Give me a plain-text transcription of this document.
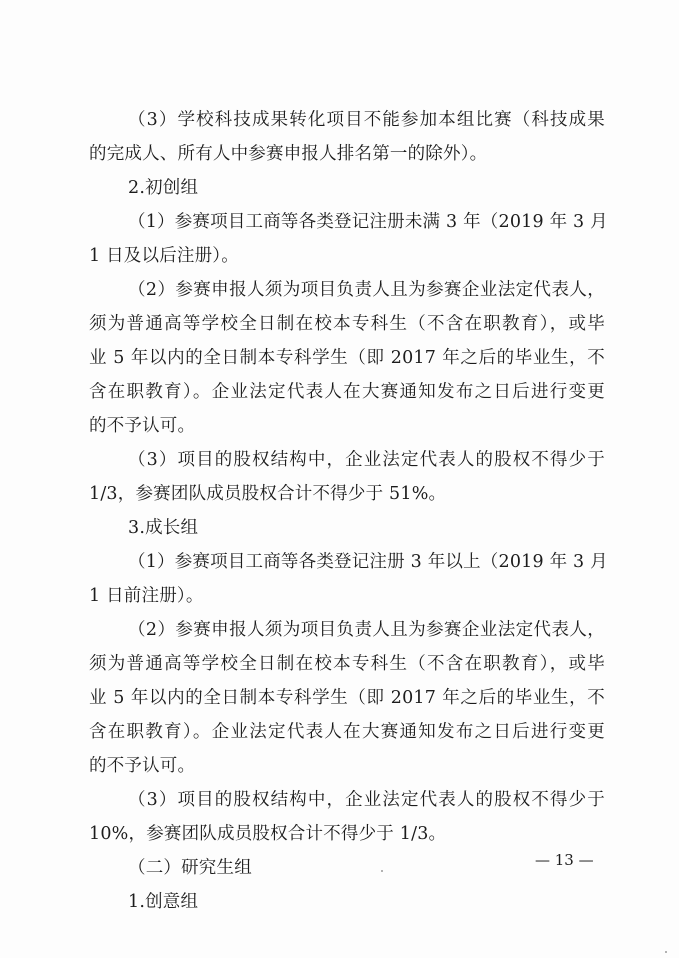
（3）学校科技成果转化项目不能参加本组比赛（科技成果
的完成人、所有人中参赛申报人排名第一的除外）。
2.初创组
（1）参赛项目工商等各类登记注册未满 3 年（2019 年 3 月
1 日及以后注册）。
（2）参赛申报人须为项目负责人且为参赛企业法定代表人，
须为普通高等学校全日制在校本专科生（不含在职教育），或毕
业 5 年以内的全日制本专科学生（即 2017 年之后的毕业生，不
含在职教育）。企业法定代表人在大赛通知发布之日后进行变更
的不予认可。
（3）项目的股权结构中，企业法定代表人的股权不得少于
1/3，参赛团队成员股权合计不得少于 51%。
3.成长组
（1）参赛项目工商等各类登记注册 3 年以上（2019 年 3 月
1 日前注册）。
（2）参赛申报人须为项目负责人且为参赛企业法定代表人，
须为普通高等学校全日制在校本专科生（不含在职教育），或毕
业 5 年以内的全日制本专科学生（即 2017 年之后的毕业生，不
含在职教育）。企业法定代表人在大赛通知发布之日后进行变更
的不予认可。
（3）项目的股权结构中，企业法定代表人的股权不得少于
10%，参赛团队成员股权合计不得少于 1/3。
（二）研究生组
1.创意组
— 13 —
